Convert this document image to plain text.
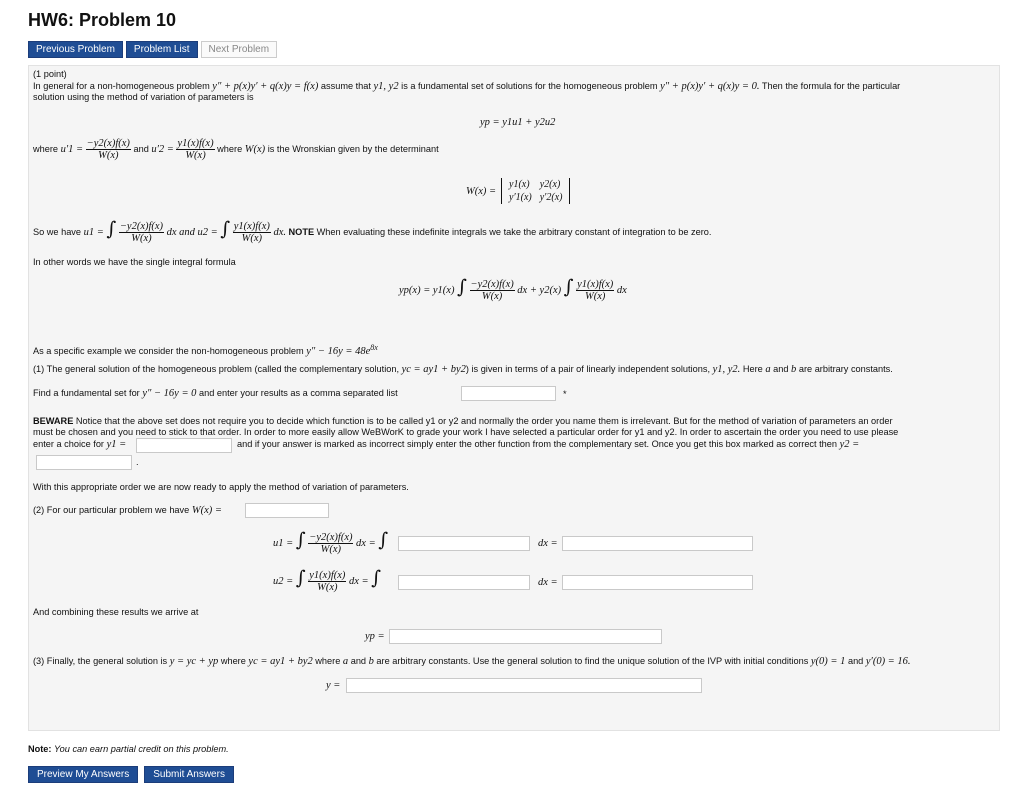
HW6: Problem 10
Previous Problem	Problem List	Next Problem
(1 point)
In general for a non-homogeneous problem y″ + p(x)y′ + q(x)y = f(x) assume that y1, y2 is a fundamental set of solutions for the homogeneous problem y″ + p(x)y′ + q(x)y = 0. Then the formula for the particular
solution using the method of variation of parameters is
yp = y1u1 + y2u2
where $u'1 = \frac{-y2(x)f(x)}{W(x)}$ and $u'2 = \frac{y1(x)f(x)}{W(x)}$ where W(x) is the Wronskian given by the determinant
W(x) =
y1(x)	y2(x)
y′1(x)	y′2(x)
So we have u1 = ∫ $\frac{-y2(x)f(x)}{W(x)}$ dx and u2 = ∫ $\frac{y1(x)f(x)}{W(x)}$ dx. NOTE When evaluating these indefinite integrals we take the arbitrary constant of integration to be zero.
In other words we have the single integral formula
yp(x) = y1(x) ∫ $\frac{-y2(x)f(x)}{W(x)}$ dx + y2(x) ∫ $\frac{y1(x)f(x)}{W(x)}$ dx
As a specific example we consider the non-homogeneous problem $y'' - 16y = 48e^{8x}$
(1) The general solution of the homogeneous problem (called the complementary solution, yc = ay1 + by2) is given in terms of a pair of linearly independent solutions, y1, y2. Here a and b are arbitrary constants.
Find a fundamental set for y″ − 16y = 0 and enter your results as a comma separated list	*
BEWARE Notice that the above set does not require you to decide which function is to be called y1 or y2 and normally the order you name them is irrelevant. But for the method of variation of parameters an order
must be chosen and you need to stick to that order. In order to more easily allow WeBWorK to grade your work I have selected a particular order for y1 and y2. In order to ascertain the order you need to use please
enter a choice for y1 =	and if your answer is marked as incorrect simply enter the other function from the complementary set. Once you get this box marked as correct then y2 =
.
With this appropriate order we are now ready to apply the method of variation of parameters.
(2) For our particular problem we have W(x) =
u1 = ∫ $\frac{-y2(x)f(x)}{W(x)}$ dx = ∫	dx =
u2 = ∫ $\frac{y1(x)f(x)}{W(x)}$ dx = ∫	dx =
And combining these results we arrive at
yp =
(3) Finally, the general solution is y = yc + yp where yc = ay1 + by2 where a and b are arbitrary constants. Use the general solution to find the unique solution of the IVP with initial conditions y(0) = 1 and y′(0) = 16.
y =
Note: You can earn partial credit on this problem.
Preview My Answers	Submit Answers
